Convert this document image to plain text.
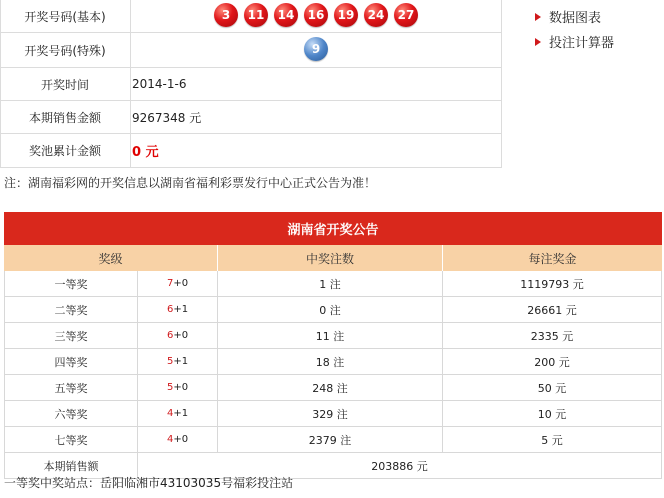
开奖号码(基本)	3	11	14	16	19	24	27
开奖号码(特殊)	9
开奖时间	2014-1-6
本期销售金额	9267348 元
奖池累计金额	0 元
数据图表
投注计算器
注：湖南福彩网的开奖信息以湖南省福利彩票发行中心正式公告为准！
湖南省开奖公告
奖级	中奖注数	每注奖金
一等奖	7 +0	1 注	1119793 元
二等奖	6 +1	0 注	26661 元
三等奖	6 +0	11 注	2335 元
四等奖	5 +1	18 注	200 元
五等奖	5 +0	248 注	50 元
六等奖	4 +1	329 注	10 元
七等奖	4 +0	2379 注	5 元
本期销售额	203886 元
一等奖中奖站点：岳阳临湘市43103035号福彩投注站
